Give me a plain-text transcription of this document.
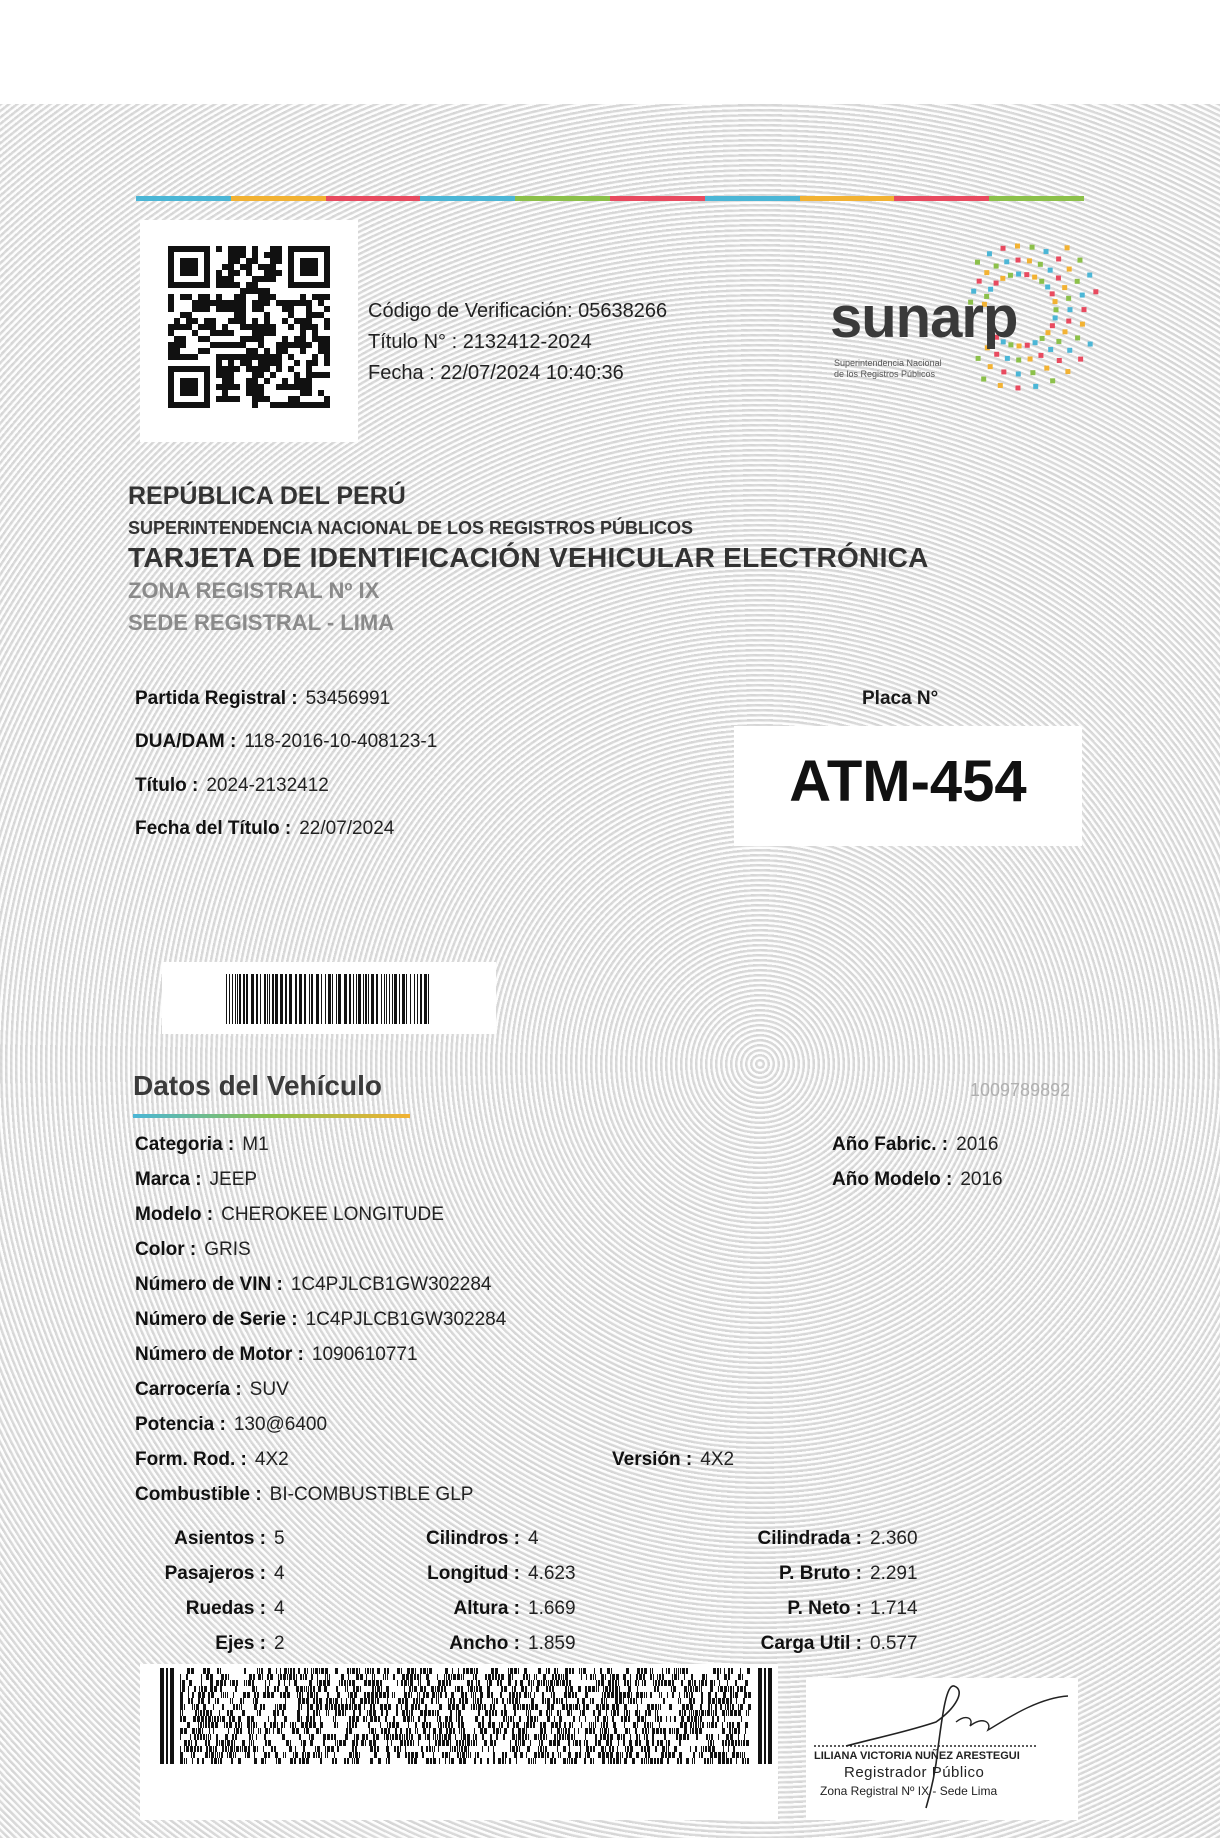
Código de Verificación: 05638266
Título N° : 2132412-2024
Fecha : 22/07/2024 10:40:36
sunarp
Superintendencia Nacional
de los Registros Públicos
REPÚBLICA DEL PERÚ
SUPERINTENDENCIA NACIONAL DE LOS REGISTROS PÚBLICOS
TARJETA DE IDENTIFICACIÓN VEHICULAR ELECTRÓNICA
ZONA REGISTRAL Nº IX
SEDE REGISTRAL - LIMA
Partida Registral : 53456991
DUA/DAM : 118-2016-10-408123-1
Título : 2024-2132412
Fecha del Título : 22/07/2024
Placa N°
ATM-454
Datos del Vehículo	1009789892
Categoria : M1
Marca : JEEP
Modelo : CHEROKEE LONGITUDE
Color : GRIS
Número de VIN : 1C4PJLCB1GW302284
Número de Serie : 1C4PJLCB1GW302284
Número de Motor : 1090610771
Carrocería : SUV
Potencia : 130@6400
Form. Rod. : 4X2	Versión : 4X2
Combustible : BI-COMBUSTIBLE GLP
Año Fabric. : 2016
Año Modelo : 2016
Asientos : 5
Pasajeros : 4
Ruedas : 4
Ejes : 2
Cilindros : 4
Longitud : 4.623
Altura : 1.669
Ancho : 1.859
Cilindrada : 2.360
P. Bruto : 2.291
P. Neto : 1.714
Carga Util : 0.577
LILIANA VICTORIA NUÑEZ ARESTEGUI
Registrador Público
Zona Registral Nº IX - Sede Lima
